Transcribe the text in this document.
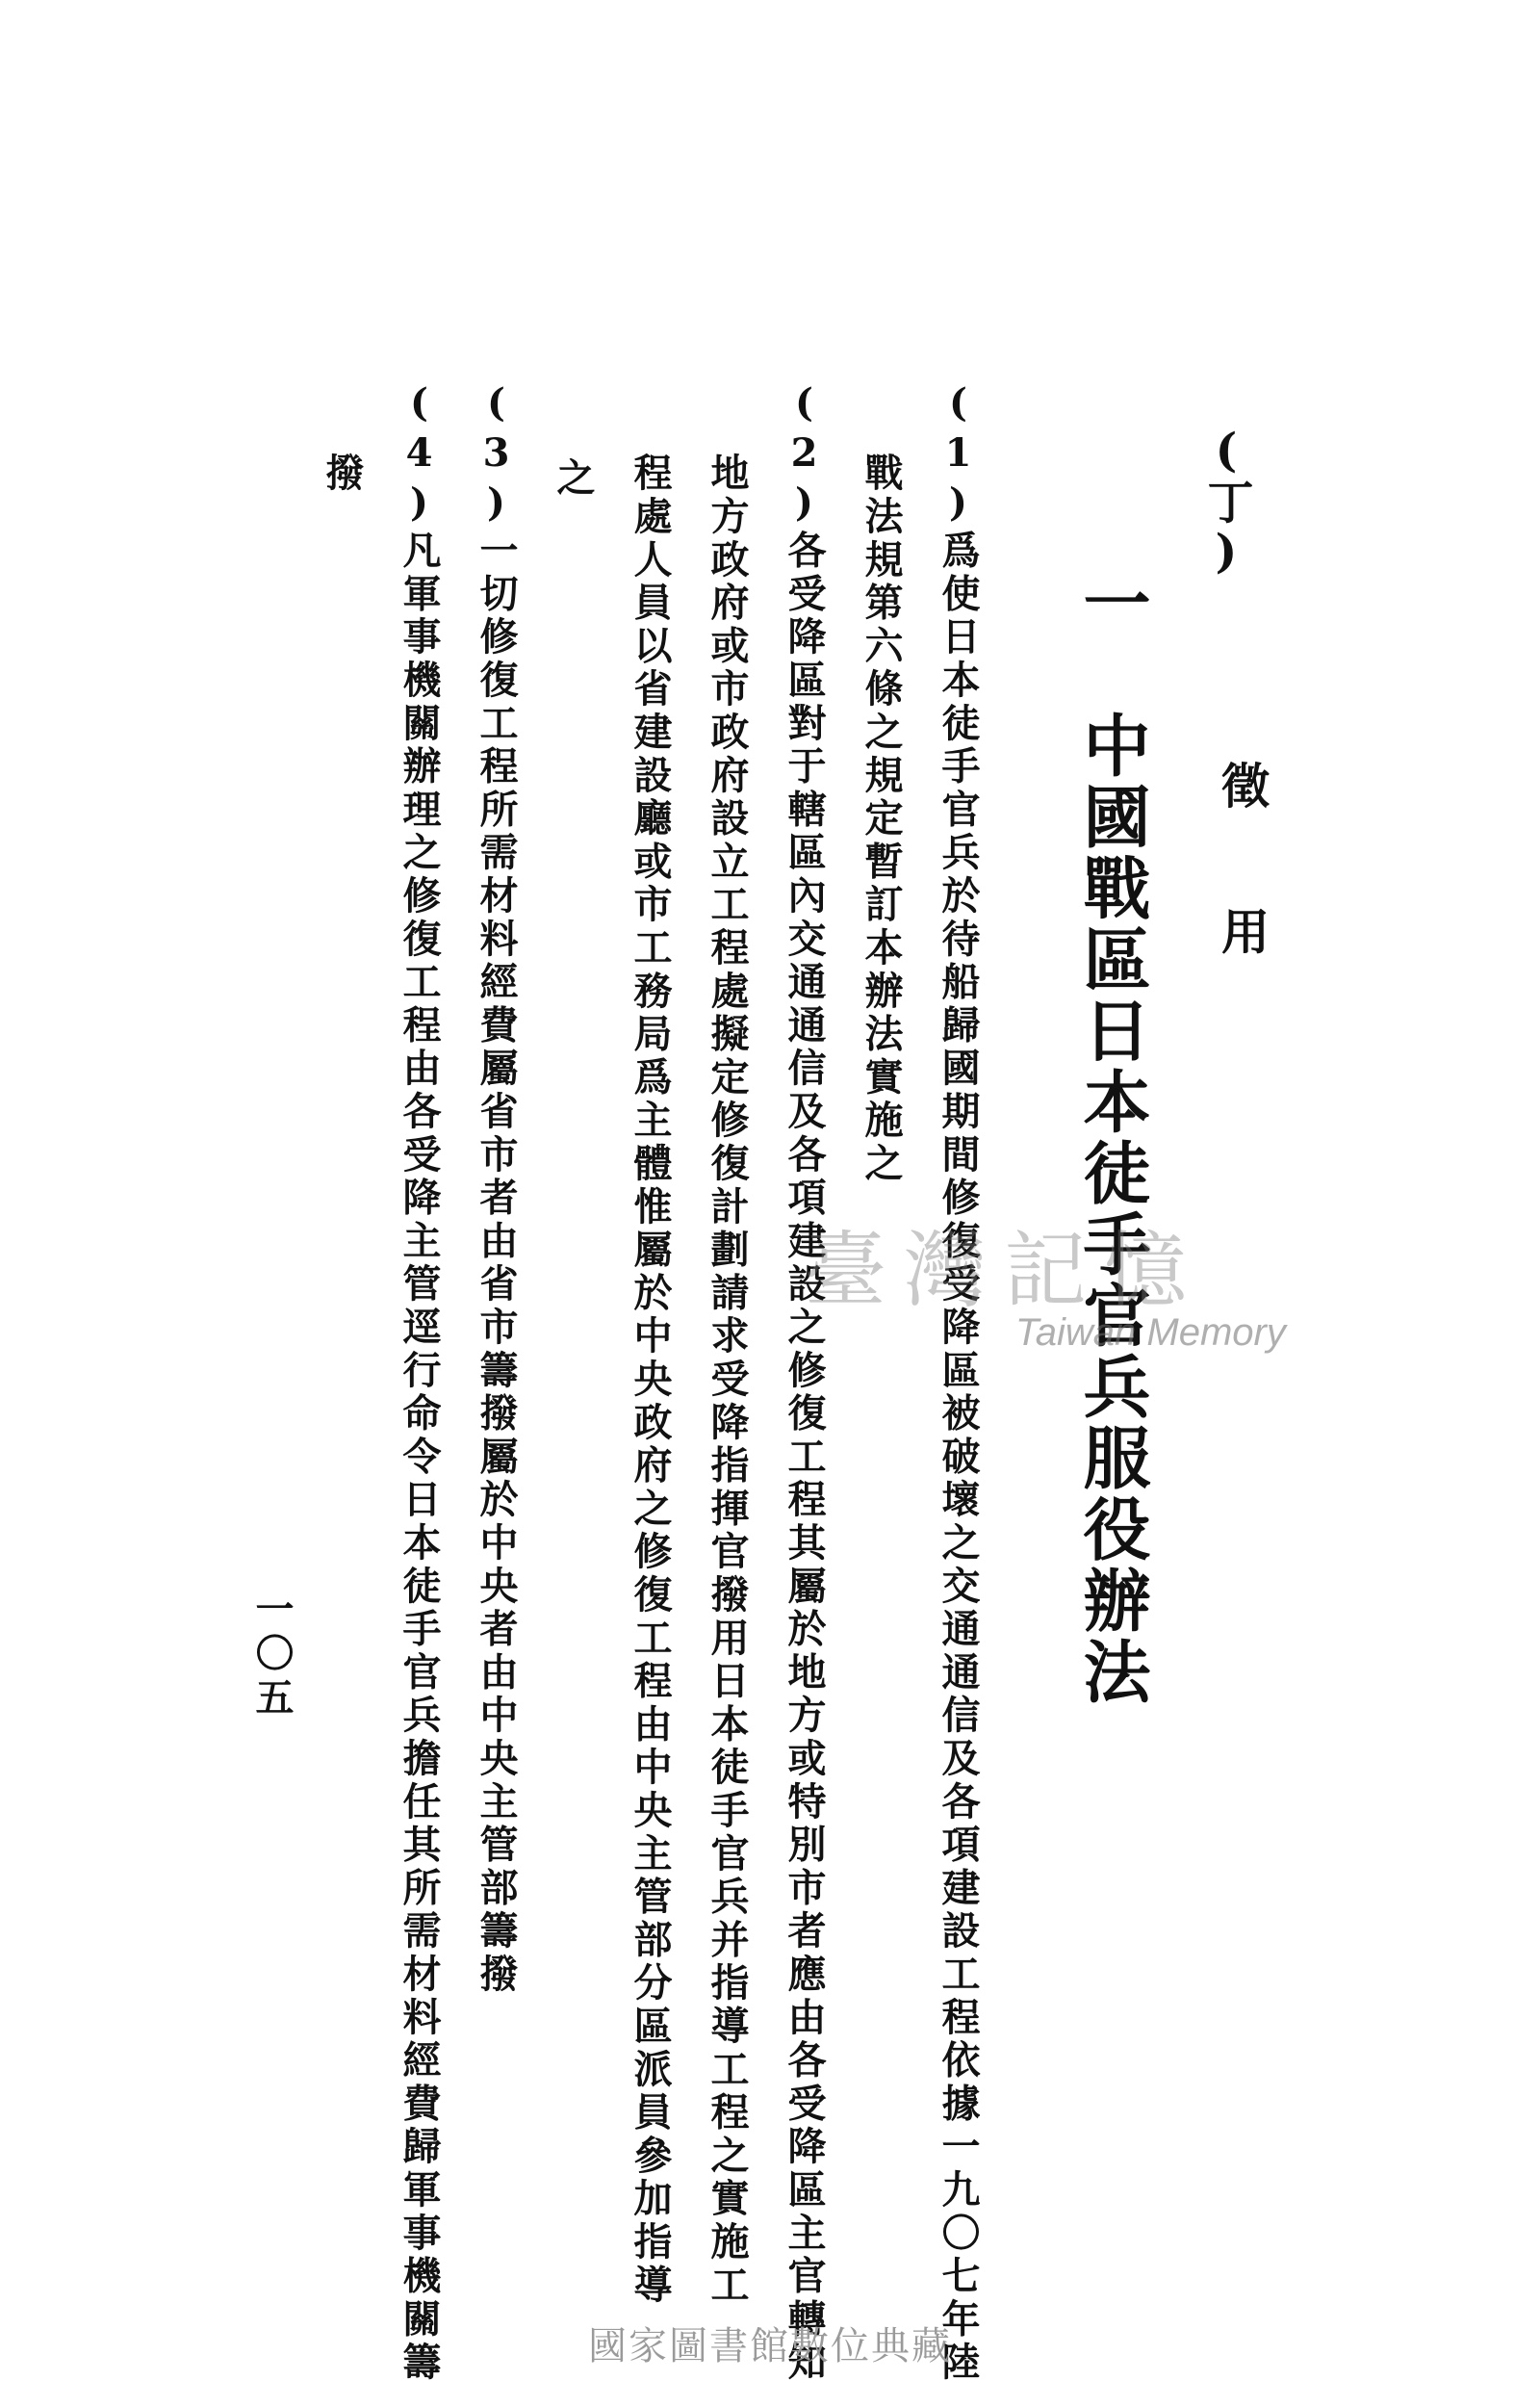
(丁)
徵　　用
一　中國戰區日本徒手官兵服役辦法
(1)爲使日本徒手官兵於待船歸國期間修復受降區被破壞之交通通信及各項建設工程依據一九〇七年陸
戰法規第六條之規定暫訂本辦法實施之
(2)各受降區對于轄區內交通通信及各項建設之修復工程其屬於地方或特別市者應由各受降區主官轉知
地方政府或市政府設立工程處擬定修復計劃請求受降指揮官撥用日本徒手官兵并指導工程之實施工
程處人員以省建設廳或市工務局爲主體惟屬於中央政府之修復工程由中央主管部分區派員參加指導
之
(3)一切修復工程所需材料經費屬省市者由省市籌撥屬於中央者由中央主管部籌撥
(4)凡軍事機關辦理之修復工程由各受降主管逕行命令日本徒手官兵擔任其所需材料經費歸軍事機關籌
撥
一〇五
臺灣記憶
Taiwan Memory
國家圖書館數位典藏
